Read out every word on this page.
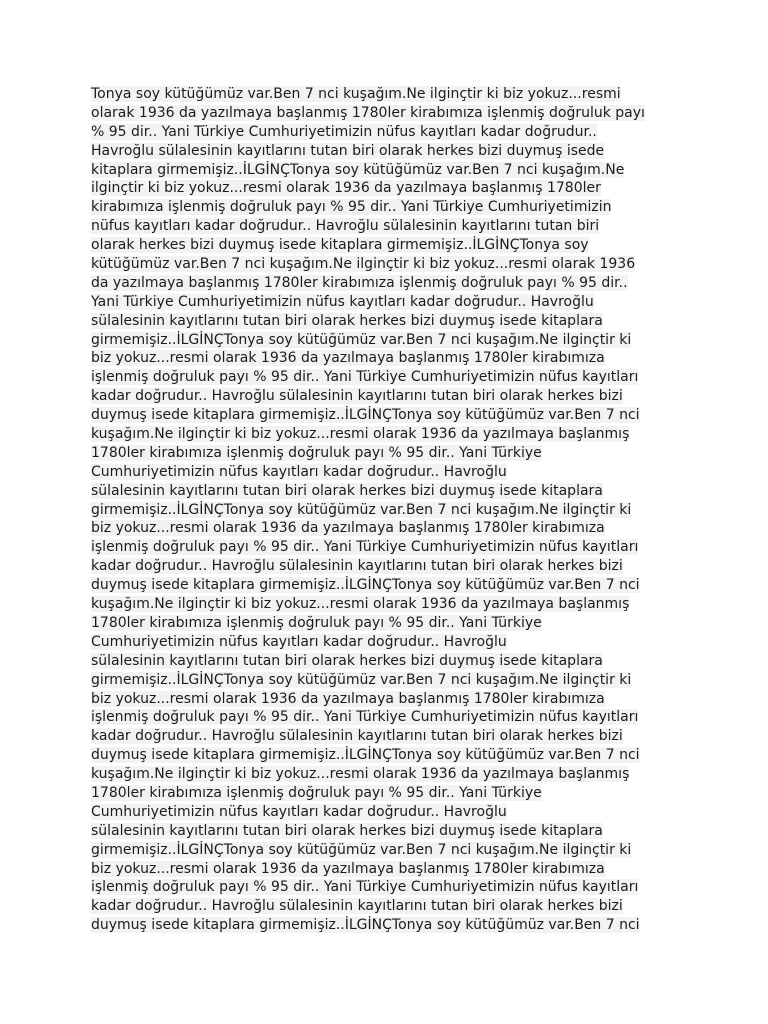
Tonya soy kütüğümüz var.Ben 7 nci kuşağım.Ne ilginçtir ki biz yokuz...resmi
olarak 1936 da yazılmaya başlanmış 1780ler kirabımıza işlenmiş doğruluk payı
% 95 dir.. Yani Türkiye Cumhuriyetimizin nüfus kayıtları kadar doğrudur..
Havroğlu sülalesinin kayıtlarını tutan biri olarak herkes bizi duymuş isede
kitaplara girmemişiz..İLGİNÇTonya soy kütüğümüz var.Ben 7 nci kuşağım.Ne
ilginçtir ki biz yokuz...resmi olarak 1936 da yazılmaya başlanmış 1780ler
kirabımıza işlenmiş doğruluk payı % 95 dir.. Yani Türkiye Cumhuriyetimizin
nüfus kayıtları kadar doğrudur.. Havroğlu sülalesinin kayıtlarını tutan biri
olarak herkes bizi duymuş isede kitaplara girmemişiz..İLGİNÇTonya soy
kütüğümüz var.Ben 7 nci kuşağım.Ne ilginçtir ki biz yokuz...resmi olarak 1936
da yazılmaya başlanmış 1780ler kirabımıza işlenmiş doğruluk payı % 95 dir..
Yani Türkiye Cumhuriyetimizin nüfus kayıtları kadar doğrudur.. Havroğlu
sülalesinin kayıtlarını tutan biri olarak herkes bizi duymuş isede kitaplara
girmemişiz..İLGİNÇTonya soy kütüğümüz var.Ben 7 nci kuşağım.Ne ilginçtir ki
biz yokuz...resmi olarak 1936 da yazılmaya başlanmış 1780ler kirabımıza
işlenmiş doğruluk payı % 95 dir.. Yani Türkiye Cumhuriyetimizin nüfus kayıtları
kadar doğrudur.. Havroğlu sülalesinin kayıtlarını tutan biri olarak herkes bizi
duymuş isede kitaplara girmemişiz..İLGİNÇTonya soy kütüğümüz var.Ben 7 nci
kuşağım.Ne ilginçtir ki biz yokuz...resmi olarak 1936 da yazılmaya başlanmış
1780ler kirabımıza işlenmiş doğruluk payı % 95 dir.. Yani Türkiye
Cumhuriyetimizin nüfus kayıtları kadar doğrudur.. Havroğlu
sülalesinin kayıtlarını tutan biri olarak herkes bizi duymuş isede kitaplara
girmemişiz..İLGİNÇTonya soy kütüğümüz var.Ben 7 nci kuşağım.Ne ilginçtir ki
biz yokuz...resmi olarak 1936 da yazılmaya başlanmış 1780ler kirabımıza
işlenmiş doğruluk payı % 95 dir.. Yani Türkiye Cumhuriyetimizin nüfus kayıtları
kadar doğrudur.. Havroğlu sülalesinin kayıtlarını tutan biri olarak herkes bizi
duymuş isede kitaplara girmemişiz..İLGİNÇTonya soy kütüğümüz var.Ben 7 nci
kuşağım.Ne ilginçtir ki biz yokuz...resmi olarak 1936 da yazılmaya başlanmış
1780ler kirabımıza işlenmiş doğruluk payı % 95 dir.. Yani Türkiye
Cumhuriyetimizin nüfus kayıtları kadar doğrudur.. Havroğlu
sülalesinin kayıtlarını tutan biri olarak herkes bizi duymuş isede kitaplara
girmemişiz..İLGİNÇTonya soy kütüğümüz var.Ben 7 nci kuşağım.Ne ilginçtir ki
biz yokuz...resmi olarak 1936 da yazılmaya başlanmış 1780ler kirabımıza
işlenmiş doğruluk payı % 95 dir.. Yani Türkiye Cumhuriyetimizin nüfus kayıtları
kadar doğrudur.. Havroğlu sülalesinin kayıtlarını tutan biri olarak herkes bizi
duymuş isede kitaplara girmemişiz..İLGİNÇTonya soy kütüğümüz var.Ben 7 nci
kuşağım.Ne ilginçtir ki biz yokuz...resmi olarak 1936 da yazılmaya başlanmış
1780ler kirabımıza işlenmiş doğruluk payı % 95 dir.. Yani Türkiye
Cumhuriyetimizin nüfus kayıtları kadar doğrudur.. Havroğlu
sülalesinin kayıtlarını tutan biri olarak herkes bizi duymuş isede kitaplara
girmemişiz..İLGİNÇTonya soy kütüğümüz var.Ben 7 nci kuşağım.Ne ilginçtir ki
biz yokuz...resmi olarak 1936 da yazılmaya başlanmış 1780ler kirabımıza
işlenmiş doğruluk payı % 95 dir.. Yani Türkiye Cumhuriyetimizin nüfus kayıtları
kadar doğrudur.. Havroğlu sülalesinin kayıtlarını tutan biri olarak herkes bizi
duymuş isede kitaplara girmemişiz..İLGİNÇTonya soy kütüğümüz var.Ben 7 nci
